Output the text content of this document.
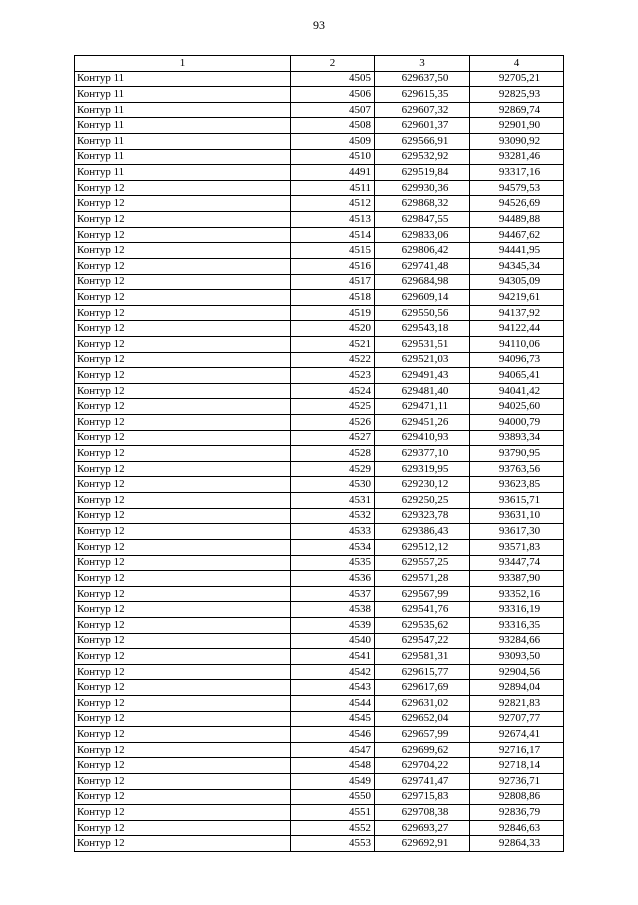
93
1	2	3	4
Контур 11	4505	629637,50	92705,21
Контур 11	4506	629615,35	92825,93
Контур 11	4507	629607,32	92869,74
Контур 11	4508	629601,37	92901,90
Контур 11	4509	629566,91	93090,92
Контур 11	4510	629532,92	93281,46
Контур 11	4491	629519,84	93317,16
Контур 12	4511	629930,36	94579,53
Контур 12	4512	629868,32	94526,69
Контур 12	4513	629847,55	94489,88
Контур 12	4514	629833,06	94467,62
Контур 12	4515	629806,42	94441,95
Контур 12	4516	629741,48	94345,34
Контур 12	4517	629684,98	94305,09
Контур 12	4518	629609,14	94219,61
Контур 12	4519	629550,56	94137,92
Контур 12	4520	629543,18	94122,44
Контур 12	4521	629531,51	94110,06
Контур 12	4522	629521,03	94096,73
Контур 12	4523	629491,43	94065,41
Контур 12	4524	629481,40	94041,42
Контур 12	4525	629471,11	94025,60
Контур 12	4526	629451,26	94000,79
Контур 12	4527	629410,93	93893,34
Контур 12	4528	629377,10	93790,95
Контур 12	4529	629319,95	93763,56
Контур 12	4530	629230,12	93623,85
Контур 12	4531	629250,25	93615,71
Контур 12	4532	629323,78	93631,10
Контур 12	4533	629386,43	93617,30
Контур 12	4534	629512,12	93571,83
Контур 12	4535	629557,25	93447,74
Контур 12	4536	629571,28	93387,90
Контур 12	4537	629567,99	93352,16
Контур 12	4538	629541,76	93316,19
Контур 12	4539	629535,62	93316,35
Контур 12	4540	629547,22	93284,66
Контур 12	4541	629581,31	93093,50
Контур 12	4542	629615,77	92904,56
Контур 12	4543	629617,69	92894,04
Контур 12	4544	629631,02	92821,83
Контур 12	4545	629652,04	92707,77
Контур 12	4546	629657,99	92674,41
Контур 12	4547	629699,62	92716,17
Контур 12	4548	629704,22	92718,14
Контур 12	4549	629741,47	92736,71
Контур 12	4550	629715,83	92808,86
Контур 12	4551	629708,38	92836,79
Контур 12	4552	629693,27	92846,63
Контур 12	4553	629692,91	92864,33
